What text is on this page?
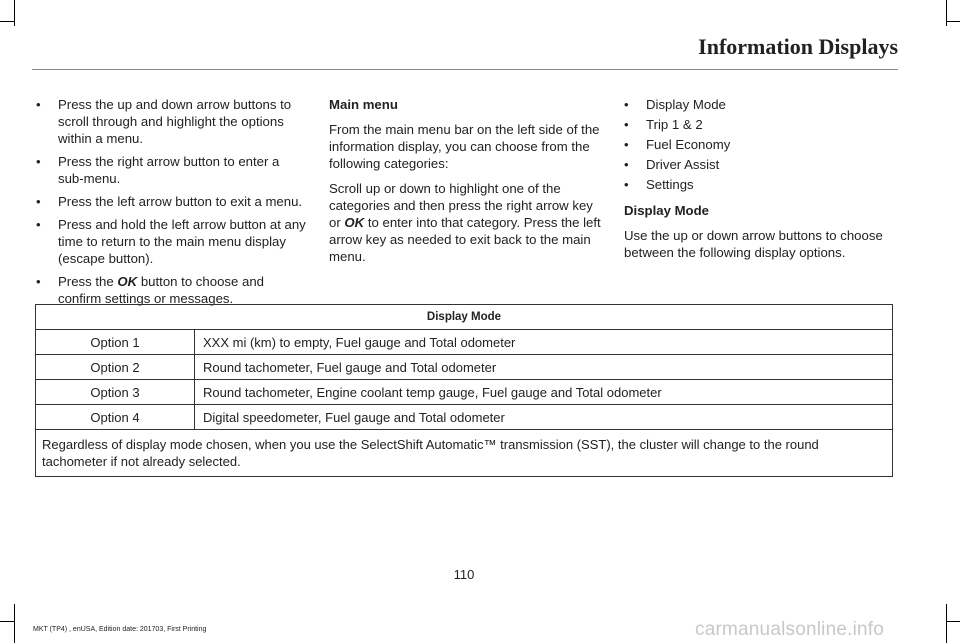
Information Displays
• Press the up and down arrow buttons to scroll through and highlight the options within a menu.
• Press the right arrow button to enter a sub-menu.
• Press the left arrow button to exit a menu.
• Press and hold the left arrow button at any time to return to the main menu display (escape button).
• Press the OK button to choose and confirm settings or messages.

Main menu

From the main menu bar on the left side of the information display, you can choose from the following categories:

Scroll up or down to highlight one of the categories and then press the right arrow key or OK to enter into that category. Press the left arrow key as needed to exit back to the main menu.

• Display Mode
• Trip 1 & 2
• Fuel Economy
• Driver Assist
• Settings

Display Mode

Use the up or down arrow buttons to choose between the following display options.

Display Mode	
Option 1	XXX mi (km) to empty, Fuel gauge and Total odometer
Option 2	Round tachometer, Fuel gauge and Total odometer
Option 3	Round tachometer, Engine coolant temp gauge, Fuel gauge and Total odometer
Option 4	Digital speedometer, Fuel gauge and Total odometer
Regardless of display mode chosen, when you use the SelectShift Automatic™ transmission (SST), the cluster will change to the round tachometer if not already selected.	
110
MKT (TP4) , enUSA, Edition date: 201703, First Printing	carmanualsonline.info
